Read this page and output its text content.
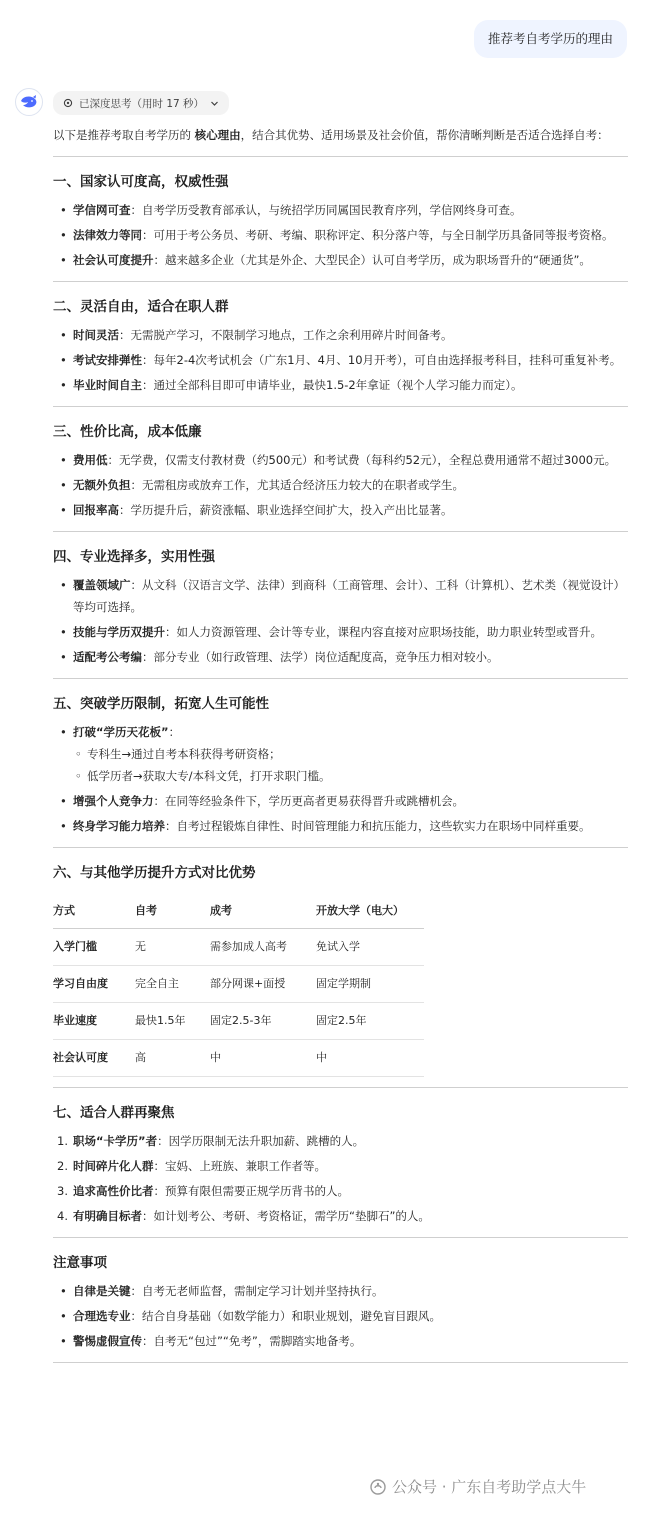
推荐考自考学历的理由
已深度思考（用时 17 秒）

以下是推荐考取自考学历的 核心理由，结合其优势、适用场景及社会价值，帮你清晰判断是否适合选择自考：

一、国家认可度高，权威性强
• 学信网可查：自考学历受教育部承认，与统招学历同属国民教育序列，学信网终身可查。
• 法律效力等同：可用于考公务员、考研、考编、职称评定、积分落户等，与全日制学历具备同等报考资格。
• 社会认可度提升：越来越多企业（尤其是外企、大型民企）认可自考学历，成为职场晋升的“硬通货”。
二、灵活自由，适合在职人群
• 时间灵活：无需脱产学习，不限制学习地点，工作之余利用碎片时间备考。
• 考试安排弹性：每年2-4次考试机会（广东1月、4月、10月开考），可自由选择报考科目，挂科可重复补考。
• 毕业时间自主：通过全部科目即可申请毕业，最快1.5-2年拿证（视个人学习能力而定）。
三、性价比高，成本低廉
• 费用低：无学费，仅需支付教材费（约500元）和考试费（每科约52元），全程总费用通常不超过3000元。
• 无额外负担：无需租房或放弃工作，尤其适合经济压力较大的在职者或学生。
• 回报率高：学历提升后，薪资涨幅、职业选择空间扩大，投入产出比显著。
四、专业选择多，实用性强
• 覆盖领域广：从文科（汉语言文学、法律）到商科（工商管理、会计）、工科（计算机）、艺术类（视觉设计）等均可选择。
• 技能与学历双提升：如人力资源管理、会计等专业，课程内容直接对应职场技能，助力职业转型或晋升。
• 适配考公考编：部分专业（如行政管理、法学）岗位适配度高，竞争压力相对较小。
五、突破学历限制，拓宽人生可能性
• 打破“学历天花板”：
◦ 专科生→通过自考本科获得考研资格；
◦ 低学历者→获取大专/本科文凭，打开求职门槛。
• 增强个人竞争力：在同等经验条件下，学历更高者更易获得晋升或跳槽机会。
• 终身学习能力培养：自考过程锻炼自律性、时间管理能力和抗压能力，这些软实力在职场中同样重要。
六、与其他学历提升方式对比优势
方式	自考	成考	开放大学（电大）
入学门槛	无	需参加成人高考	免试入学
学习自由度	完全自主	部分网课+面授	固定学期制
毕业速度	最快1.5年	固定2.5-3年	固定2.5年
社会认可度	高	中	中
七、适合人群再聚焦
1. 职场“卡学历”者：因学历限制无法升职加薪、跳槽的人。
2. 时间碎片化人群：宝妈、上班族、兼职工作者等。
3. 追求高性价比者：预算有限但需要正规学历背书的人。
4. 有明确目标者：如计划考公、考研、考资格证，需学历“垫脚石”的人。
注意事项
• 自律是关键：自考无老师监督，需制定学习计划并坚持执行。
• 合理选专业：结合自身基础（如数学能力）和职业规划，避免盲目跟风。
• 警惕虚假宣传：自考无“包过”“免考”，需脚踏实地备考。
公众号 · 广东自考助学点大牛
